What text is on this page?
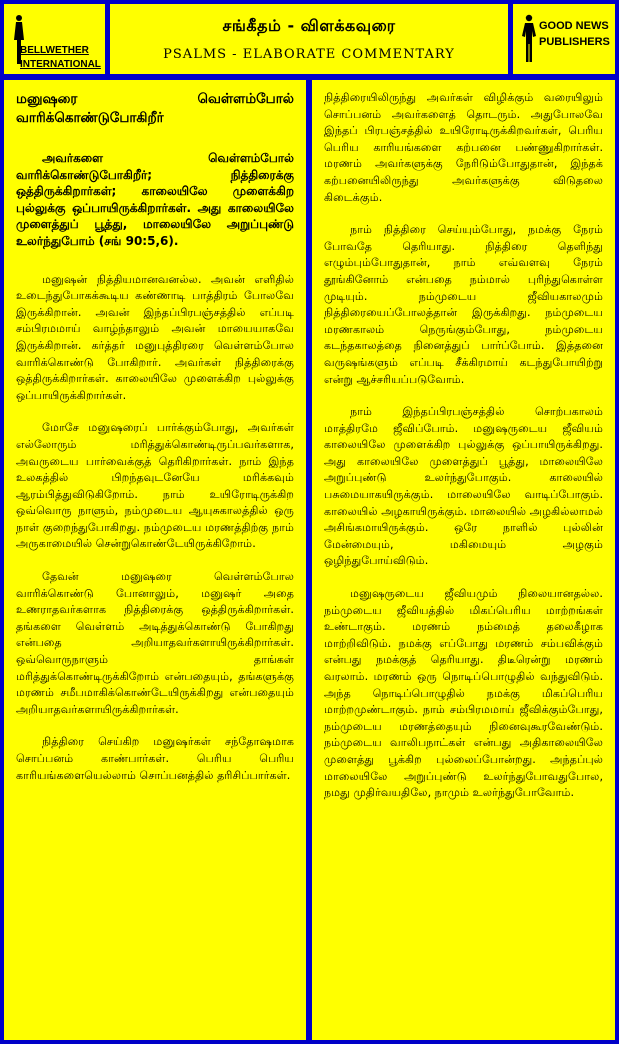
BELLWETHER
INTERNATIONAL
சங்கீதம் - விளக்கவுரை
PSALMS - ELABORATE COMMENTARY
GOOD NEWS
PUBLISHERS
மனுஷரை வெள்ளம்போல்
வாரிக்கொண்டுபோகிறீர்

அவர்களை வெள்ளம்போல் வாரிக்கொண்டுபோகிறீர்; நித்திரைக்கு ஒத்திருக்கிறார்கள்; காலையிலே முளைக்கிற புல்லுக்கு ஒப்பாயிருக்கிறார்கள். அது காலையிலே முளைத்துப் பூத்து, மாலையிலே அறுப்புண்டு உலர்ந்துபோம் (சங் 90:5,6).

மனுஷன் நித்தியமானவனல்ல. அவன் எளிதில் உடைந்துபோகக்கூடிய கண்ணாடி பாத்திரம் போலவே இருக்கிறான். அவன் இந்தப்பிரபஞ்சத்தில் எப்படி சம்பிரமமாய் வாழ்ந்தாலும் அவன் மாயையாகவே இருக்கிறான். கர்த்தர் மனுபுத்திரரை வெள்ளம்போல வாரிக்கொண்டு போகிறார். அவர்கள் நித்திரைக்கு ஒத்திருக்கிறார்கள். காலையிலே முளைக்கிற புல்லுக்கு ஒப்பாயிருக்கிறார்கள்.

மோசே மனுஷரைப் பார்க்கும்போது, அவர்கள் எல்லோரும் மரித்துக்கொண்டிருப்பவர்களாக, அவருடைய பார்வைக்குத் தெரிகிறார்கள். நாம் இந்த உலகத்தில் பிறந்தவுடனேயே மரிக்கவும் ஆரம்பித்துவிடுகிறோம். நாம் உயிரோடிருக்கிற ஒவ்வொரு நாளும், நம்முடைய ஆயுசுகாலத்தில் ஒரு நாள் குறைந்துபோகிறது. நம்முடைய மரணத்திற்கு நாம் அருகாமையில் சென்றுகொண்டேயிருக்கிறோம்.

தேவன் மனுஷரை வெள்ளம்போல வாரிக்கொண்டு போனாலும், மனுஷர் அதை உணராதவர்களாக நித்திரைக்கு ஒத்திருக்கிறார்கள். தங்களை வெள்ளம் அடித்துக்கொண்டு போகிறது என்பதை அறியாதவர்களாயிருக்கிறார்கள். ஒவ்வொருநாளும் தாங்கள் மரித்துக்கொண்டிருக்கிறோம் என்பதையும், தங்களுக்கு மரணம் சமீபமாகிக்கொண்டேயிருக்கிறது என்பதையும் அறியாதவர்களாயிருக்கிறார்கள்.

நித்திரை செய்கிற மனுஷர்கள் சந்தோஷமாக சொப்பனம் காண்பார்கள். பெரிய பெரிய காரியங்களையெல்லாம் சொப்பனத்தில் தரிசிப்பார்கள்.

நித்திரையிலிருந்து அவர்கள் விழிக்கும் வரையிலும் சொப்பனம் அவர்களைத் தொடரும். அதுபோலவே இந்தப் பிரபஞ்சத்தில் உயிரோடிருக்கிறவர்கள், பெரிய பெரிய காரியங்களை கற்பனை பண்ணுகிறார்கள். மரணம் அவர்களுக்கு நேரிடும்போதுதான், இந்தக் கற்பனையிலிருந்து அவர்களுக்கு விடுதலை கிடைக்கும்.

நாம் நித்திரை செய்யும்போது, நமக்கு நேரம் போவதே தெரியாது. நித்திரை தெளிந்து எழும்பும்போதுதான், நாம் எவ்வளவு நேரம் தூங்கினோம் என்பதை நம்மால் புரிந்துகொள்ள முடியும். நம்முடைய ஜீவியகாலமும் நித்திரையைப்போலத்தான் இருக்கிறது. நம்முடைய மரணகாலம் நெருங்கும்போது, நம்முடைய கடந்தகாலத்தை நினைத்துப் பார்ப்போம். இத்தனை வருஷங்களும் எப்படி சீக்கிரமாய் கடந்துபோயிற்று என்று ஆச்சரியப்படுவோம்.

நாம் இந்தப்பிரபஞ்சத்தில் சொற்பகாலம் மாத்திரமே ஜீவிப்போம். மனுஷருடைய ஜீவியம் காலையிலே முளைக்கிற புல்லுக்கு ஒப்பாயிருக்கிறது. அது காலையிலே முளைத்துப் பூத்து, மாலையிலே அறுப்புண்டு உலர்ந்துபோகும். காலையில் பசுமையாகயிருக்கும். மாலையிலே வாடிப்போகும். காலையில் அழகாயிருக்கும். மாலையில் அழகில்லாமல் அசிங்கமாயிருக்கும். ஒரே நாளில் புல்லின் மேன்மையும், மகிமையும் அழகும் ஒழிந்துபோய்விடும்.

மனுஷருடைய ஜீவியமும் நிலையானதல்ல. நம்முடைய ஜீவியத்தில் மிகப்பெரிய மாற்றங்கள் உண்டாகும். மரணம் நம்மைத் தலைகீழாக மாற்றிவிடும். நமக்கு எப்போது மரணம் சம்பவிக்கும் என்பது நமக்குத் தெரியாது. திடீரென்று மரணம் வரலாம். மரணம் ஒரு நொடிப்பொழுதில் வந்துவிடும். அந்த நொடிப்பொழுதில் நமக்கு மிகப்பெரிய மாற்றமுண்டாகும். நாம் சம்பிரமமாய் ஜீவிக்கும்போது, நம்முடைய மரணத்தையும் நினைவுகூரவேண்டும். நம்முடைய வாலிபநாட்கள் என்பது அதிகாலையிலே முளைத்து பூக்கிற புல்லைப்போன்றது. அந்தப்புல் மாலையிலே அறுப்புண்டு உலர்ந்துபோவதுபோல, நமது முதிர்வயதிலே, நாமும் உலர்ந்துபோவோம்.
